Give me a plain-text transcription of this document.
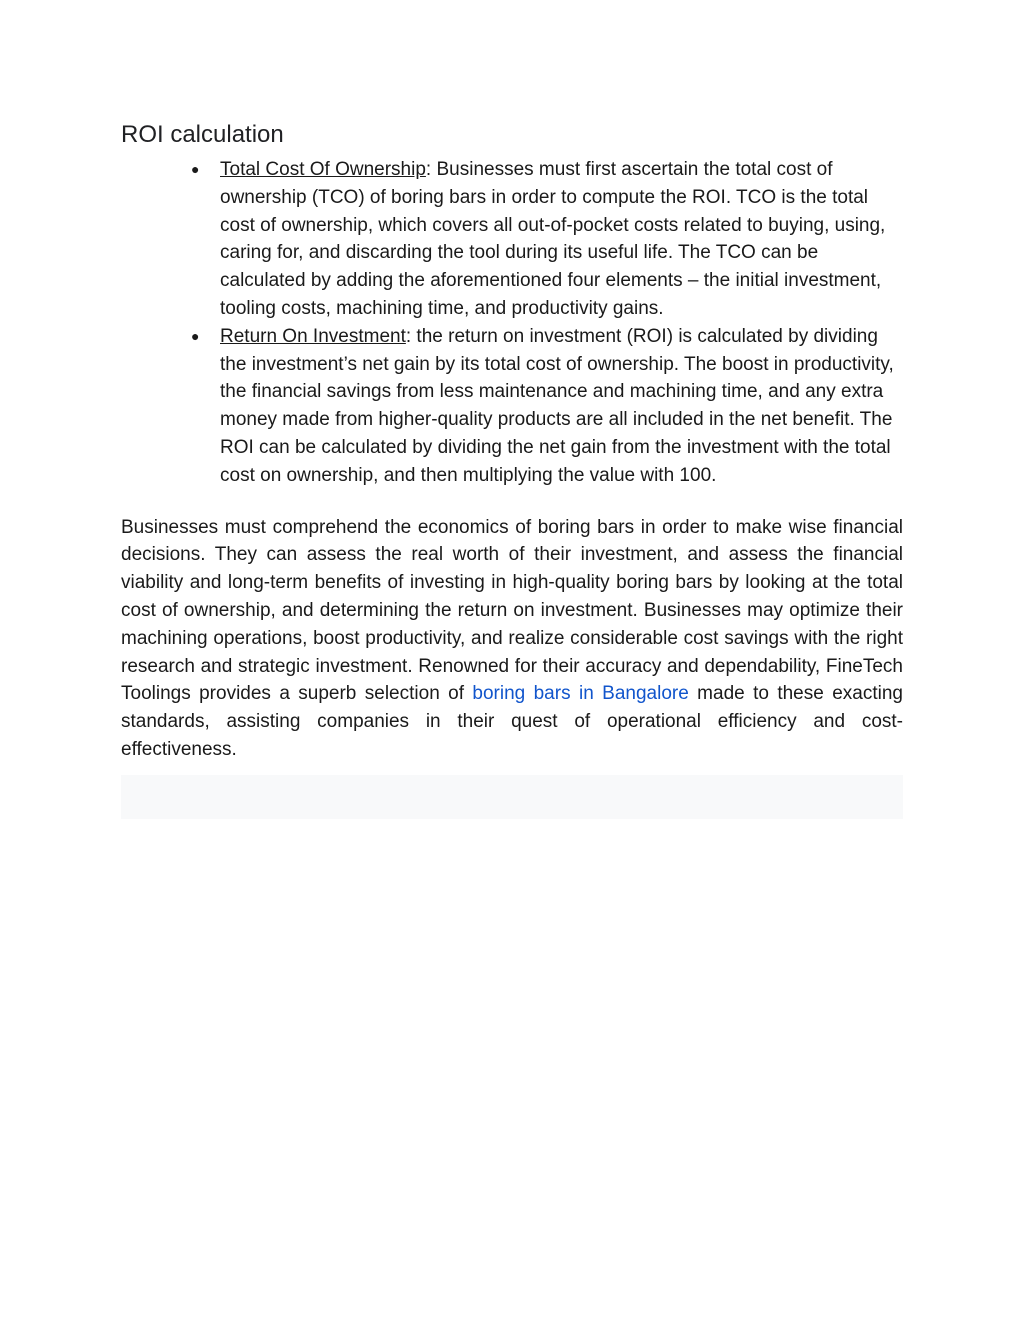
ROI calculation
● Total Cost Of Ownership: Businesses must first ascertain the total cost of ownership (TCO) of boring bars in order to compute the ROI. TCO is the total cost of ownership, which covers all out-of-pocket costs related to buying, using, caring for, and discarding the tool during its useful life. The TCO can be calculated by adding the aforementioned four elements – the initial investment, tooling costs, machining time, and productivity gains.
● Return On Investment: the return on investment (ROI) is calculated by dividing the investment’s net gain by its total cost of ownership. The boost in productivity, the financial savings from less maintenance and machining time, and any extra money made from higher-quality products are all included in the net benefit. The ROI can be calculated by dividing the net gain from the investment with the total cost on ownership, and then multiplying the value with 100.

Businesses must comprehend the economics of boring bars in order to make wise financial decisions. They can assess the real worth of their investment, and assess the financial viability and long-term benefits of investing in high-quality boring bars by looking at the total cost of ownership, and determining the return on investment. Businesses may optimize their machining operations, boost productivity, and realize considerable cost savings with the right research and strategic investment. Renowned for their accuracy and dependability, FineTech Toolings provides a superb selection of boring bars in Bangalore made to these exacting standards, assisting companies in their quest of operational efficiency and cost-effectiveness.
